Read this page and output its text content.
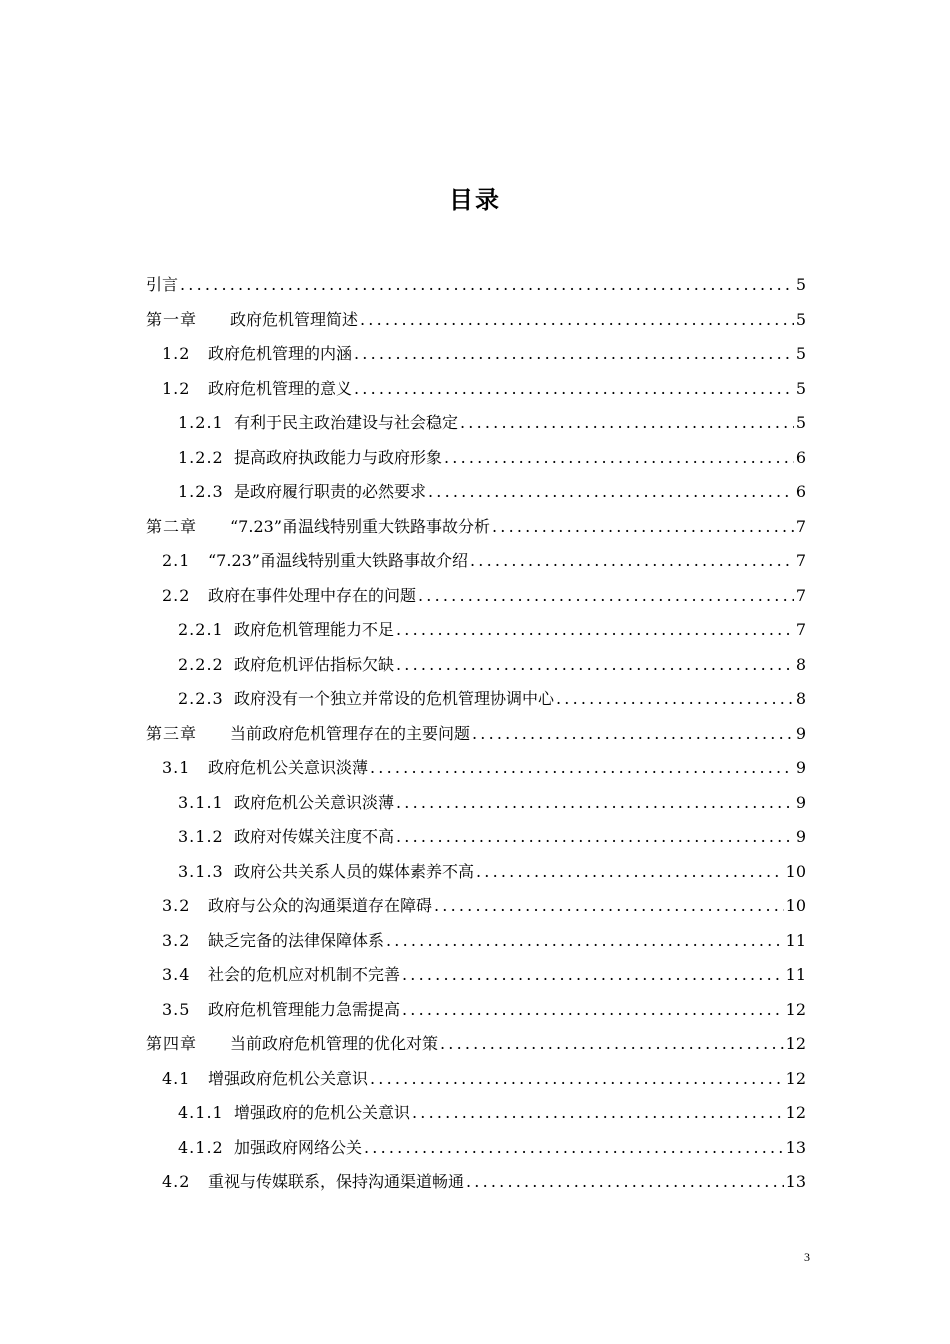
目录
引言 .....	5
第一章	政府危机管理简述 .....	5
1.2	政府危机管理的内涵 .....	5
1.2	政府危机管理的意义 .....	5
1.2.1 有利于民主政治建设与社会稳定 .....	5
1.2.2 提高政府执政能力与政府形象 .....	6
1.2.3 是政府履行职责的必然要求 .....	6
第二章	“7.23”甬温线特别重大铁路事故分析 .....	7
2.1	“7.23”甬温线特别重大铁路事故介绍 .....	7
2.2	政府在事件处理中存在的问题 .....	7
2.2.1 政府危机管理能力不足 .....	7
2.2.2 政府危机评估指标欠缺 .....	8
2.2.3 政府没有一个独立并常设的危机管理协调中心 .....	8
第三章	当前政府危机管理存在的主要问题 .....	9
3.1	政府危机公关意识淡薄 .....	9
3.1.1 政府危机公关意识淡薄 .....	9
3.1.2 政府对传媒关注度不高 .....	9
3.1.3 政府公共关系人员的媒体素养不高 .....	10
3.2	政府与公众的沟通渠道存在障碍 .....	10
3.2	缺乏完备的法律保障体系 .....	11
3.4	社会的危机应对机制不完善 .....	11
3.5	政府危机管理能力急需提高 .....	12
第四章	当前政府危机管理的优化对策 .....	12
4.1	增强政府危机公关意识 .....	12
4.1.1 增强政府的危机公关意识 .....	12
4.1.2 加强政府网络公关 .....	13
4.2	重视与传媒联系，保持沟通渠道畅通 .....	13
3
